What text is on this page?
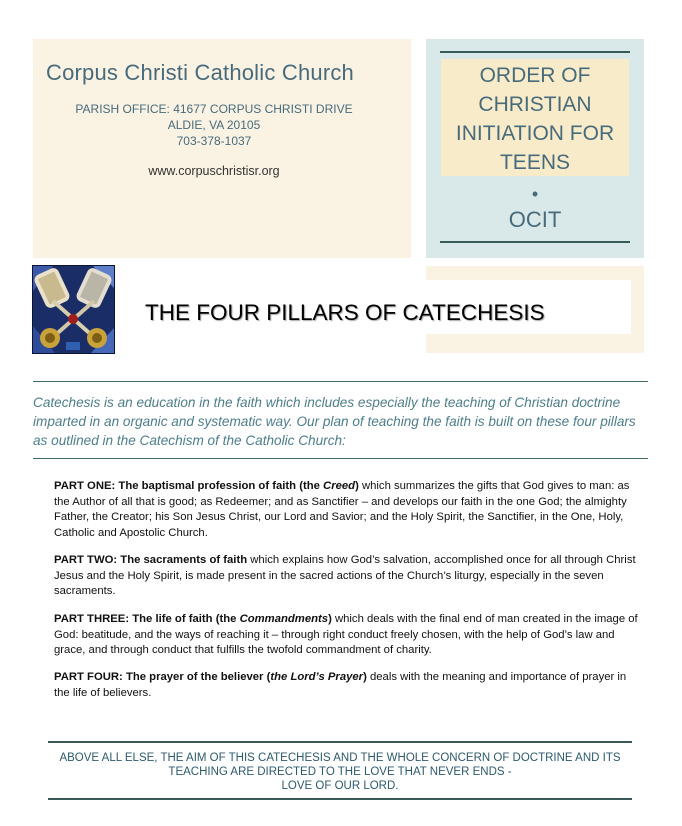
Corpus Christi Catholic Church
PARISH OFFICE: 41677 CORPUS CHRISTI DRIVE
ALDIE, VA 20105
703-378-1037
www.corpuschristisr.org
ORDER OF
CHRISTIAN
INITIATION FOR
TEENS
•
OCIT
THE FOUR PILLARS OF CATECHESIS
Catechesis is an education in the faith which includes especially the teaching of Christian doctrine imparted in an organic and systematic way. Our plan of teaching the faith is built on these four pillars as outlined in the Catechism of the Catholic Church:
PART ONE: The baptismal profession of faith (the Creed) which summarizes the gifts that God gives to man: as the Author of all that is good; as Redeemer; and as Sanctifier – and develops our faith in the one God; the almighty Father, the Creator; his Son Jesus Christ, our Lord and Savior; and the Holy Spirit, the Sanctifier, in the One, Holy, Catholic and Apostolic Church.
PART TWO: The sacraments of faith which explains how God’s salvation, accomplished once for all through Christ Jesus and the Holy Spirit, is made present in the sacred actions of the Church’s liturgy, especially in the seven sacraments.
PART THREE: The life of faith (the Commandments) which deals with the final end of man created in the image of God: beatitude, and the ways of reaching it – through right conduct freely chosen, with the help of God’s law and grace, and through conduct that fulfills the twofold commandment of charity.
PART FOUR: The prayer of the believer (the Lord’s Prayer) deals with the meaning and importance of prayer in the life of believers.
ABOVE ALL ELSE, THE AIM OF THIS CATECHESIS AND THE WHOLE CONCERN OF DOCTRINE AND ITS
TEACHING ARE DIRECTED TO THE LOVE THAT NEVER ENDS -
LOVE OF OUR LORD.
